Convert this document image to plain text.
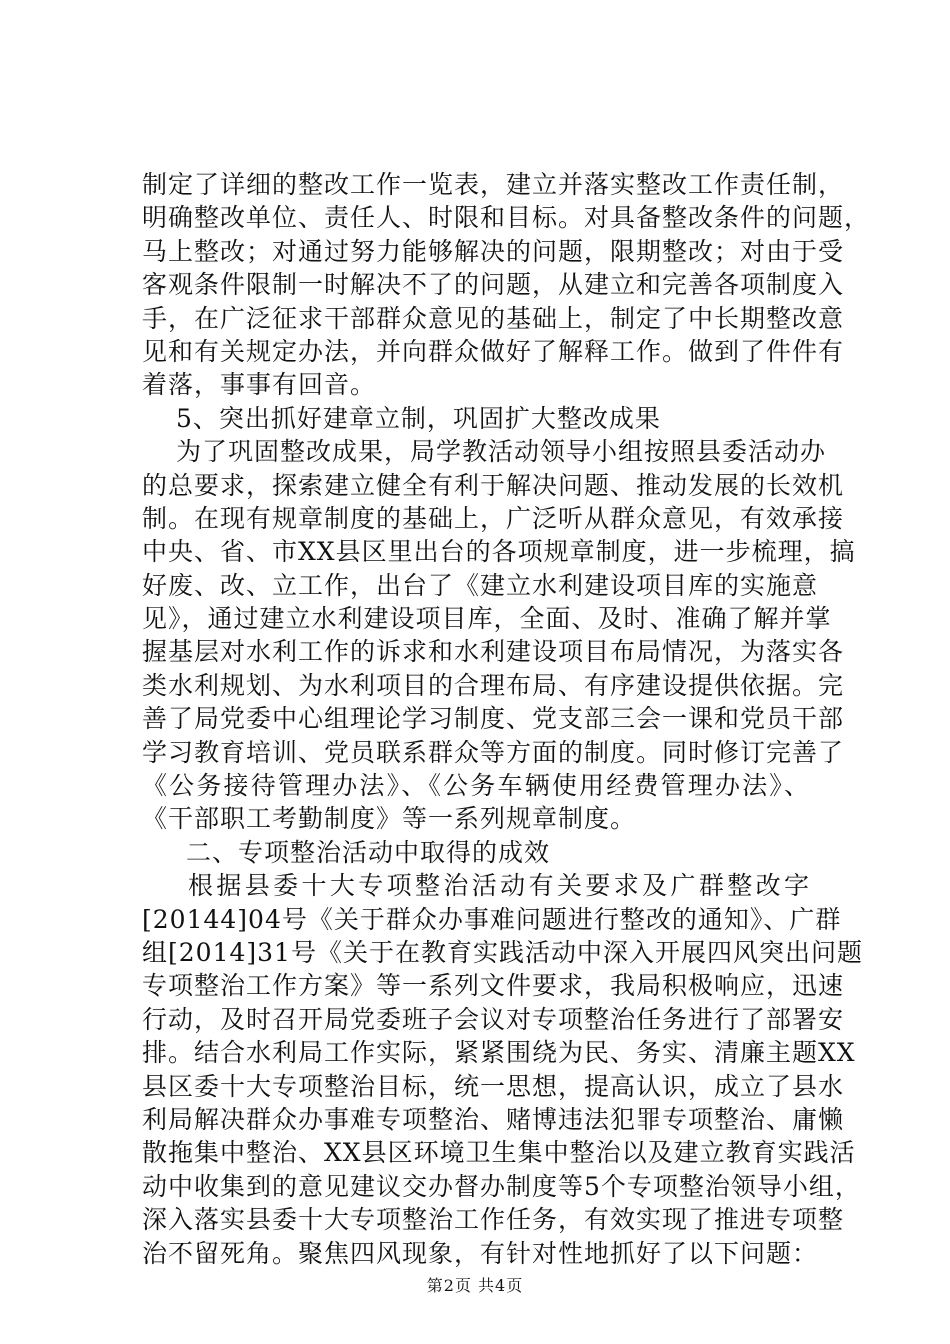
制定了详细的整改工作一览表，建立并落实整改工作责任制，
明确整改单位、责任人、时限和目标。对具备整改条件的问题，
马上整改；对通过努力能够解决的问题，限期整改；对由于受
客观条件限制一时解决不了的问题，从建立和完善各项制度入
手，在广泛征求干部群众意见的基础上，制定了中长期整改意
见和有关规定办法，并向群众做好了解释工作。做到了件件有
着落，事事有回音。
5、突出抓好建章立制，巩固扩大整改成果
为了巩固整改成果，局学教活动领导小组按照县委活动办
的总要求，探索建立健全有利于解决问题、推动发展的长效机
制。在现有规章制度的基础上，广泛听从群众意见，有效承接
中央、省、市XX县区里出台的各项规章制度，进一步梳理，搞
好废、改、立工作，出台了《建立水利建设项目库的实施意
见》，通过建立水利建设项目库，全面、及时、准确了解并掌
握基层对水利工作的诉求和水利建设项目布局情况，为落实各
类水利规划、为水利项目的合理布局、有序建设提供依据。完
善了局党委中心组理论学习制度、党支部三会一课和党员干部
学习教育培训、党员联系群众等方面的制度。同时修订完善了
《公务接待管理办法》、《公务车辆使用经费管理办法》、
《干部职工考勤制度》等一系列规章制度。
二、专项整治活动中取得的成效
根据县委十大专项整治活动有关要求及广群整改字
[20144]04号《关于群众办事难问题进行整改的通知》、广群
组[2014]31号《关于在教育实践活动中深入开展四风突出问题
专项整治工作方案》等一系列文件要求，我局积极响应，迅速
行动，及时召开局党委班子会议对专项整治任务进行了部署安
排。结合水利局工作实际，紧紧围绕为民、务实、清廉主题XX
县区委十大专项整治目标，统一思想，提高认识，成立了县水
利局解决群众办事难专项整治、赌博违法犯罪专项整治、庸懒
散拖集中整治、XX县区环境卫生集中整治以及建立教育实践活
动中收集到的意见建议交办督办制度等5个专项整治领导小组，
深入落实县委十大专项整治工作任务，有效实现了推进专项整
治不留死角。聚焦四风现象，有针对性地抓好了以下问题：
第2页 共4页
